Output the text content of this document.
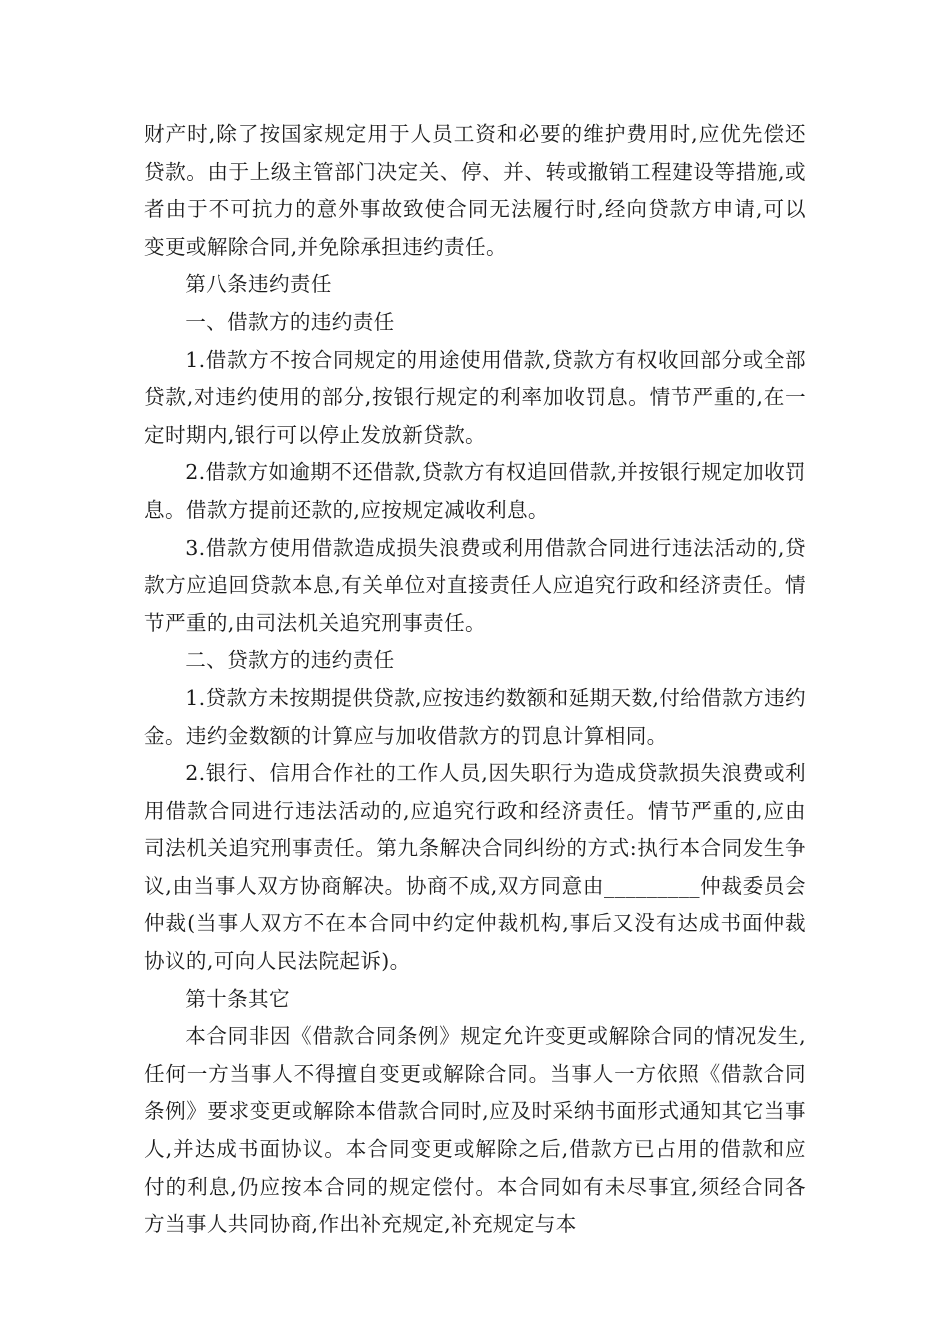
财产时,除了按国家规定用于人员工资和必要的维护费用时,应优先偿还贷款。由于上级主管部门决定关、停、并、转或撤销工程建设等措施,或者由于不可抗力的意外事故致使合同无法履行时,经向贷款方申请,可以变更或解除合同,并免除承担违约责任。

第八条违约责任

一、借款方的违约责任

1.借款方不按合同规定的用途使用借款,贷款方有权收回部分或全部贷款,对违约使用的部分,按银行规定的利率加收罚息。情节严重的,在一定时期内,银行可以停止发放新贷款。

2.借款方如逾期不还借款,贷款方有权追回借款,并按银行规定加收罚息。借款方提前还款的,应按规定减收利息。

3.借款方使用借款造成损失浪费或利用借款合同进行违法活动的,贷款方应追回贷款本息,有关单位对直接责任人应追究行政和经济责任。情节严重的,由司法机关追究刑事责任。

二、贷款方的违约责任

1.贷款方未按期提供贷款,应按违约数额和延期天数,付给借款方违约金。违约金数额的计算应与加收借款方的罚息计算相同。

2.银行、信用合作社的工作人员,因失职行为造成贷款损失浪费或利用借款合同进行违法活动的,应追究行政和经济责任。情节严重的,应由司法机关追究刑事责任。第九条解决合同纠纷的方式:执行本合同发生争议,由当事人双方协商解决。协商不成,双方同意由_________仲裁委员会仲裁(当事人双方不在本合同中约定仲裁机构,事后又没有达成书面仲裁协议的,可向人民法院起诉)。

第十条其它

本合同非因《借款合同条例》规定允许变更或解除合同的情况发生,任何一方当事人不得擅自变更或解除合同。当事人一方依照《借款合同条例》要求变更或解除本借款合同时,应及时采纳书面形式通知其它当事人,并达成书面协议。本合同变更或解除之后,借款方已占用的借款和应付的利息,仍应按本合同的规定偿付。本合同如有未尽事宜,须经合同各方当事人共同协商,作出补充规定,补充规定与本
